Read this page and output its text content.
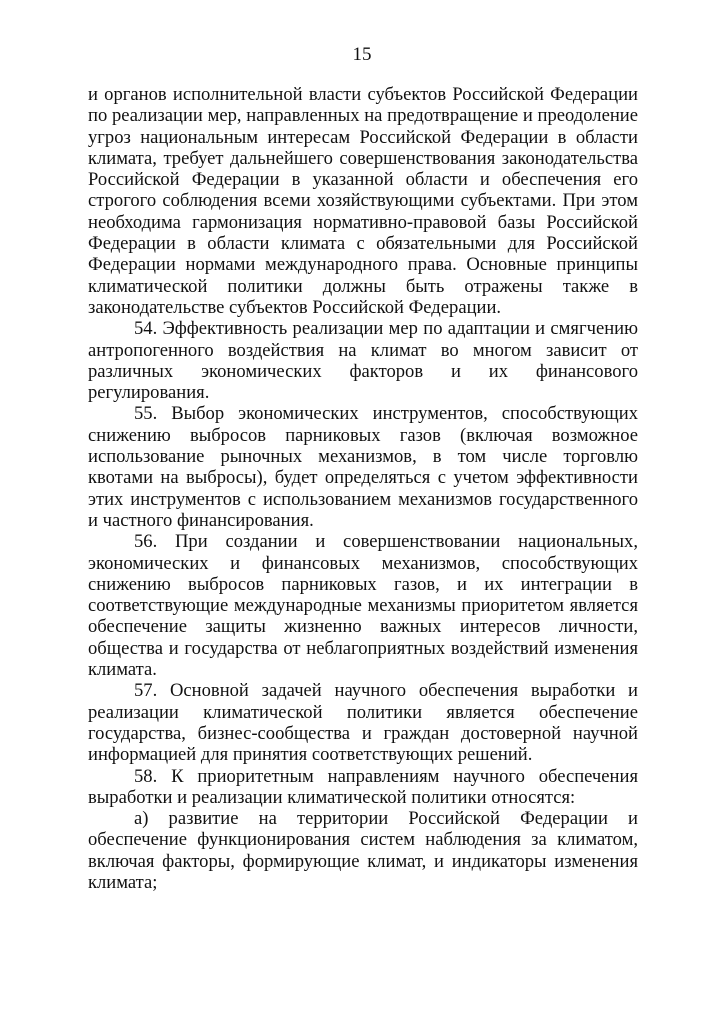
15

и органов исполнительной власти субъектов Российской Федерации по реализации мер, направленных на предотвращение и преодоление угроз национальным интересам Российской Федерации в области климата, требует дальнейшего совершенствования законодательства Российской Федерации в указанной области и обеспечения его строгого соблюдения всеми хозяйствующими субъектами. При этом необходима гармонизация нормативно-правовой базы Российской Федерации в области климата с обязательными для Российской Федерации нормами международного права. Основные принципы климатической политики должны быть отражены также в законодательстве субъектов Российской Федерации.

54. Эффективность реализации мер по адаптации и смягчению антропогенного воздействия на климат во многом зависит от различных экономических факторов и их финансового регулирования.

55. Выбор экономических инструментов, способствующих снижению выбросов парниковых газов (включая возможное использование рыночных механизмов, в том числе торговлю квотами на выбросы), будет определяться с учетом эффективности этих инструментов с использованием механизмов государственного и частного финансирования.

56. При создании и совершенствовании национальных, экономических и финансовых механизмов, способствующих снижению выбросов парниковых газов, и их интеграции в соответствующие международные механизмы приоритетом является обеспечение защиты жизненно важных интересов личности, общества и государства от неблагоприятных воздействий изменения климата.

57. Основной задачей научного обеспечения выработки и реализации климатической политики является обеспечение государства, бизнес-сообщества и граждан достоверной научной информацией для принятия соответствующих решений.

58. К приоритетным направлениям научного обеспечения выработки и реализации климатической политики относятся:

а) развитие на территории Российской Федерации и обеспечение функционирования систем наблюдения за климатом, включая факторы, формирующие климат, и индикаторы изменения климата;
